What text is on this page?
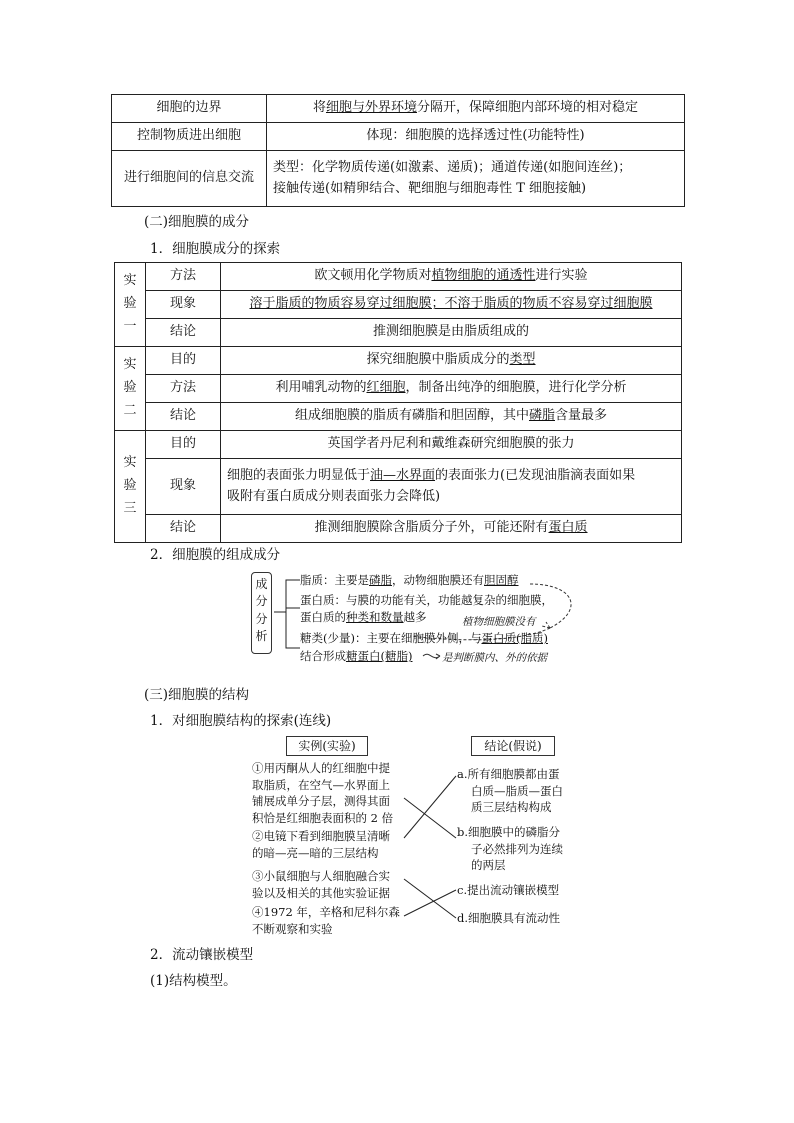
细胞的边界	将细胞与外界环境分隔开，保障细胞内部环境的相对稳定
控制物质进出细胞	体现：细胞膜的选择透过性(功能特性)
进行细胞间的信息交流	类型：化学物质传递(如激素、递质)；通道传递(如胞间连丝)；
接触传递(如精卵结合、靶细胞与细胞毒性 T 细胞接触)
(二)细胞膜的成分
1．细胞膜成分的探索
实
验
一	方法	欧文顿用化学物质对植物细胞的通透性进行实验
	现象	溶于脂质的物质容易穿过细胞膜；不溶于脂质的物质不容易穿过细胞膜
	结论	推测细胞膜是由脂质组成的

实
验
二	目的	探究细胞膜中脂质成分的类型
	方法	利用哺乳动物的红细胞，制备出纯净的细胞膜，进行化学分析
	结论	组成细胞膜的脂质有磷脂和胆固醇，其中磷脂含量最多

实
验
三	目的	英国学者丹尼利和戴维森研究细胞膜的张力
	现象	细胞的表面张力明显低于油—水界面的表面张力(已发现油脂滴表面如果
吸附有蛋白质成分则表面张力会降低)

	结论	推测细胞膜除含脂质分子外，可能还附有蛋白质
2．细胞膜的组成成分
成
分
分
析
脂质：主要是磷脂，动物细胞膜还有胆固醇
蛋白质：与膜的功能有关，功能越复杂的细胞膜，
蛋白质的种类和数量越多	植物细胞膜没有
糖类(少量)：主要在细胞膜外侧，与蛋白质(脂质)
结合形成糖蛋白(糖脂)	是判断膜内、外的依据
(三)细胞膜的结构
1．对细胞膜结构的探索(连线)
实例(实验)	结论(假说)
①用丙酮从人的红细胞中提
取脂质，在空气—水界面上
铺展成单分子层，测得其面
积恰是红细胞表面积的 2 倍
②电镜下看到细胞膜呈清晰
的暗—亮—暗的三层结构
③小鼠细胞与人细胞融合实
验以及相关的其他实验证据
④1972 年，辛格和尼科尔森
不断观察和实验
a.所有细胞膜都由蛋
白质—脂质—蛋白
质三层结构构成
b.细胞膜中的磷脂分
子必然排列为连续
的两层
c.提出流动镶嵌模型
d.细胞膜具有流动性
2．流动镶嵌模型
(1)结构模型。
